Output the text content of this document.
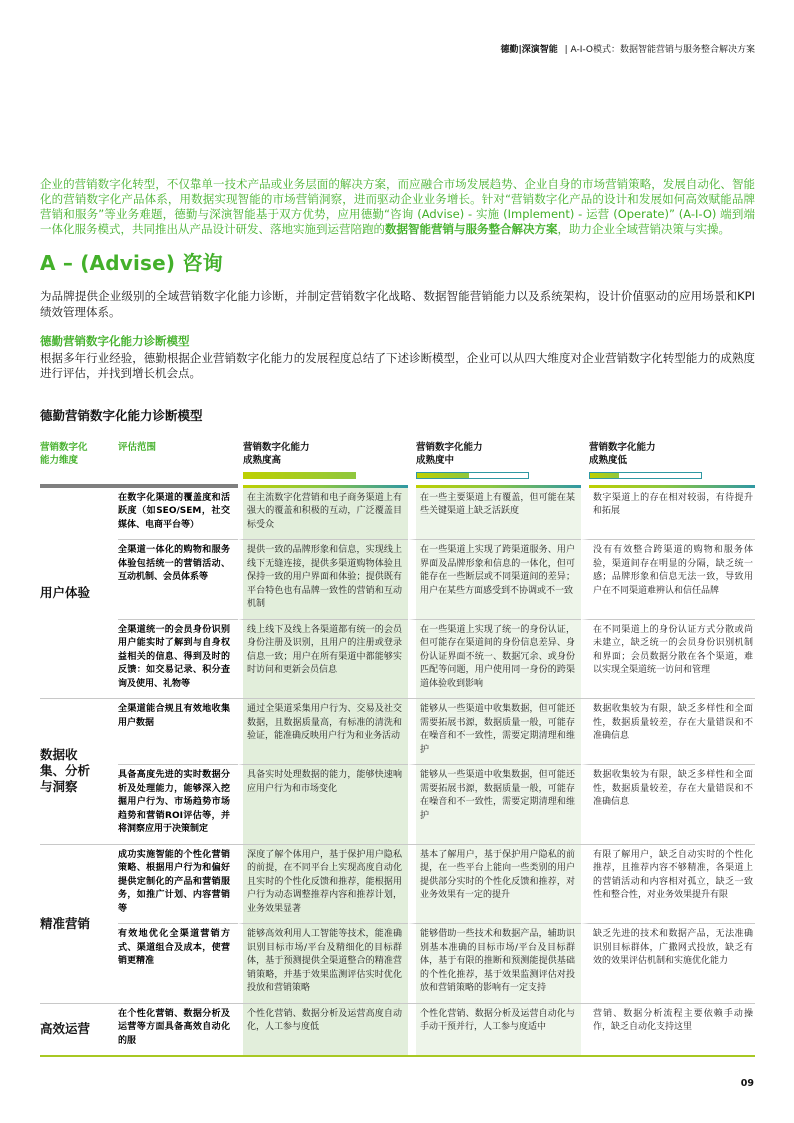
德勤|深演智能 | A-I-O模式：数据智能营销与服务整合解决方案

企业的营销数字化转型，不仅靠单一技术产品或业务层面的解决方案，而应融合市场发展趋势、企业自身的市场营销策略，发展自动化、智能化的营销数字化产品体系，用数据实现智能的市场营销洞察，进而驱动企业业务增长。针对“营销数字化产品的设计和发展如何高效赋能品牌营销和服务”等业务难题，德勤与深演智能基于双方优势，应用德勤“咨询 (Advise) - 实施 (Implement) - 运营 (Operate)” (A-I-O) 端到端一体化服务模式，共同推出从产品设计研发、落地实施到运营陪跑的数据智能营销与服务整合解决方案，助力企业全域营销决策与实操。

A – (Advise) 咨询

为品牌提供企业级别的全域营销数字化能力诊断，并制定营销数字化战略、数据智能营销能力以及系统架构，设计价值驱动的应用场景和KPI绩效管理体系。

德勤营销数字化能力诊断模型

根据多年行业经验，德勤根据企业营销数字化能力的发展程度总结了下述诊断模型，企业可以从四大维度对企业营销数字化转型能力的成熟度进行评估，并找到增长机会点。

德勤营销数字化能力诊断模型
营销数字化
能力维度
评估范围	营销数字化能力
成熟度高
营销数字化能力
成熟度中
营销数字化能力
成熟度低
用户体验
在数字化渠道的覆盖度和活跃度（如SEO/SEM，社交媒体、电商平台等）
在主流数字化营销和电子商务渠道上有强大的覆盖和积极的互动，广泛覆盖目标受众
在一些主要渠道上有覆盖，但可能在某些关键渠道上缺乏活跃度
数字渠道上的存在相对较弱，有待提升和拓展
全渠道一体化的购物和服务体验包括统一的营销活动、互动机制、会员体系等
提供一致的品牌形象和信息，实现线上线下无缝连接，提供多渠道购物体验且保持一致的用户界面和体验；提供既有平台特色也有品牌一致性的营销和互动机制
在一些渠道上实现了跨渠道服务、用户界面及品牌形象和信息的一体化，但可能存在一些断层或不同渠道间的差异；用户在某些方面感受到不协调或不一致
没有有效整合跨渠道的购物和服务体验，渠道间存在明显的分隔，缺乏统一感；品牌形象和信息无法一致，导致用户在不同渠道难辨认和信任品牌
全渠道统一的会员身份识别 用户能实时了解到与自身权益相关的信息、得到及时的反馈：如交易记录、积分查询及使用、礼物等
线上线下及线上各渠道都有统一的会员身份注册及识别，且用户的注册或登录信息一致；用户在所有渠道中都能够实时访问和更新会员信息
在一些渠道上实现了统一的身份认证，但可能存在渠道间的身份信息差异、身份认证界面不统一、数据冗余、或身份匹配等问题，用户使用同一身份的跨渠道体验收到影响
在不同渠道上的身份认证方式分散或尚未建立，缺乏统一的会员身份识别机制和界面；会员数据分散在各个渠道，难以实现全渠道统一访问和管理
数据收集、分析与洞察
全渠道能合规且有效地收集用户数据
通过全渠道采集用户行为、交易及社交数据，且数据质量高，有标准的清洗和验证，能准确反映用户行为和业务活动
能够从一些渠道中收集数据，但可能还需要拓展书源，数据质量一般，可能存在噪音和不一致性，需要定期清理和维护
数据收集较为有限，缺乏多样性和全面性，数据质量较差，存在大量错误和不准确信息
具备高度先进的实时数据分析及处理能力，能够深入挖掘用户行为、市场趋势市场趋势和营销ROI评估等，并将洞察应用于决策制定
具备实时处理数据的能力，能够快速响应用户行为和市场变化
能够从一些渠道中收集数据，但可能还需要拓展书源，数据质量一般，可能存在噪音和不一致性，需要定期清理和维护
数据收集较为有限，缺乏多样性和全面性，数据质量较差，存在大量错误和不准确信息
精准营销
成功实施智能的个性化营销策略、根据用户行为和偏好提供定制化的产品和营销服务，如推广计划、内容营销等
深度了解个体用户，基于保护用户隐私的前提，在不同平台上实现高度自动化且实时的个性化反馈和推荐，能根据用户行为动态调整推荐内容和推荐计划，业务效果显著
基本了解用户，基于保护用户隐私的前提，在一些平台上能向一些类别的用户提供部分实时的个性化反馈和推荐，对业务效果有一定的提升
有限了解用户，缺乏自动实时的个性化推荐，且推荐内容不够精准，各渠道上的营销活动和内容相对孤立，缺乏一致性和整合性，对业务效果提升有限
有效地优化全渠道营销方式、渠道组合及成本，使营销更精准
能够高效利用人工智能等技术，能准确识别目标市场/平台及精细化的目标群体，基于预测提供全渠道整合的精准营销策略，并基于效果监测评估实时优化投放和营销策略
能够借助一些技术和数据产品，辅助识别基本准确的目标市场/平台及目标群体，基于有限的推断和预测能提供基础的个性化推荐，基于效果监测评估对投放和营销策略的影响有一定支持
缺乏先进的技术和数据产品，无法准确识别目标群体，广撒网式投放，缺乏有效的效果评估机制和实施优化能力
高效运营
在个性化营销、数据分析及运营等方面具备高效自动化的服
个性化营销、数据分析及运营高度自动化，人工参与度低
个性化营销、数据分析及运营自动化与手动干预并行，人工参与度适中
营销、数据分析流程主要依赖手动操作，缺乏自动化支持这里
09
